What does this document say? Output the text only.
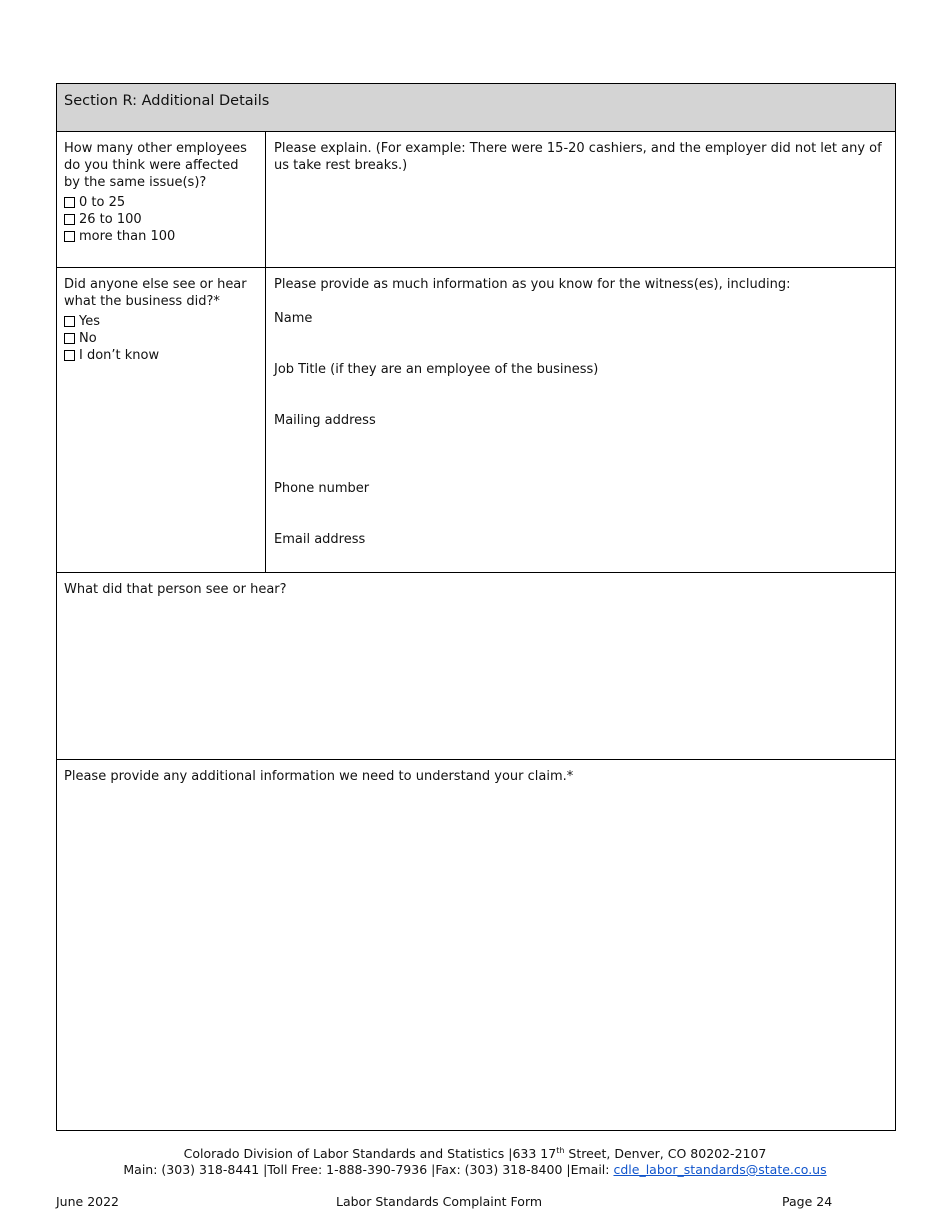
Section R: Additional Details
How many other employees do you think were affected by the same issue(s)?
0 to 25
26 to 100
more than 100
Please explain. (For example: There were 15-20 cashiers, and the employer did not let any of us take rest breaks.)
Did anyone else see or hear what the business did?*
Yes
No
I don’t know
Please provide as much information as you know for the witness(es), including:
Name
Job Title (if they are an employee of the business)
Mailing address
Phone number
Email address
What did that person see or hear?
Please provide any additional information we need to understand your claim.*
Colorado Division of Labor Standards and Statistics |633 17th Street, Denver, CO 80202-2107
Main: (303) 318-8441 |Toll Free: 1-888-390-7936 |Fax: (303) 318-8400 |Email: cdle_labor_standards@state.co.us
June 2022	Labor Standards Complaint Form	Page 24
